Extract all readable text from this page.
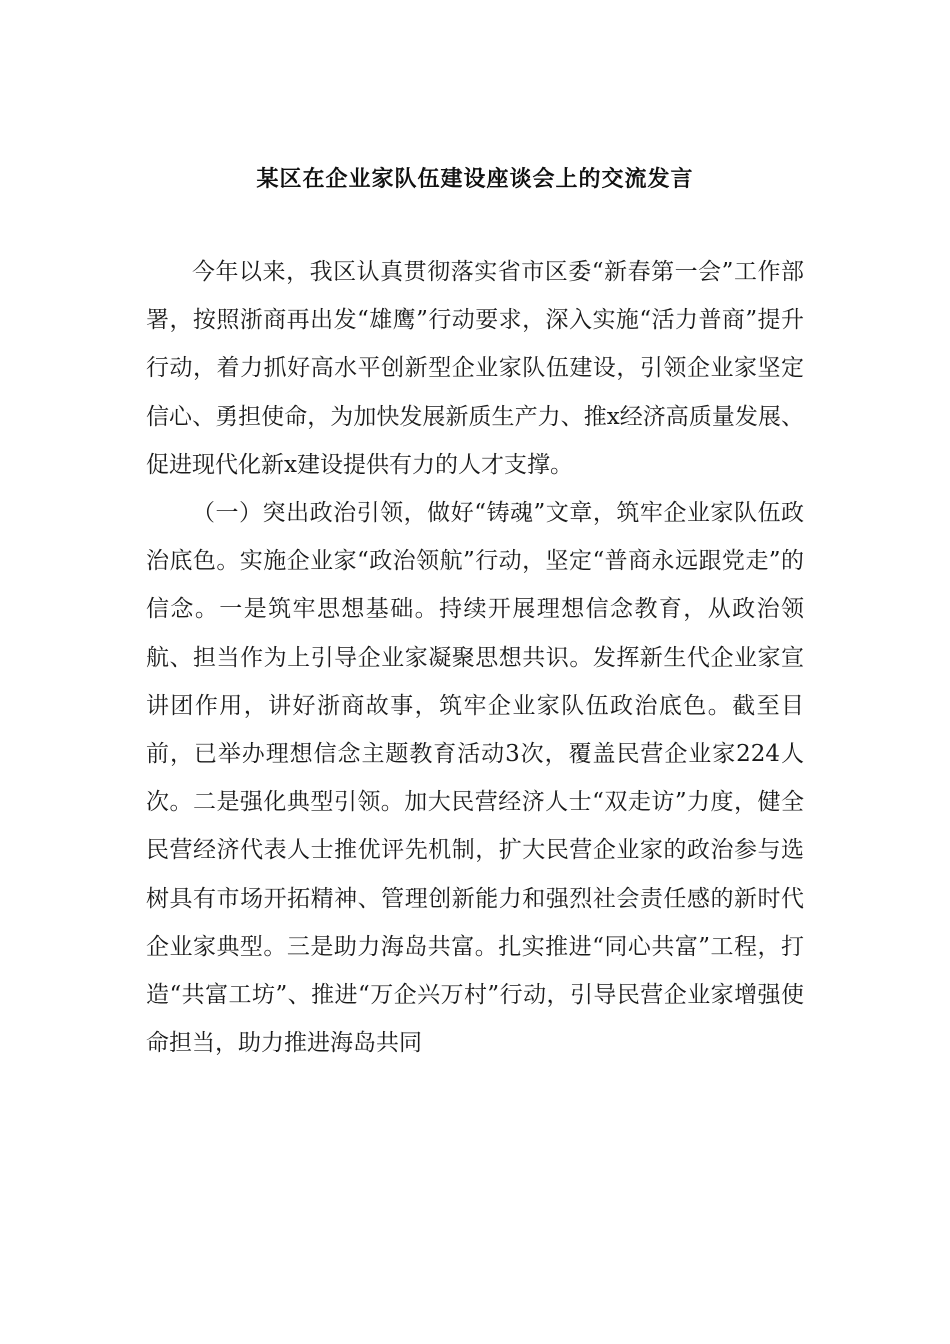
某区在企业家队伍建设座谈会上的交流发言

今年以来，我区认真贯彻落实省市区委“新春第一会”工作部署，按照浙商再出发“雄鹰”行动要求，深入实施“活力普商”提升行动，着力抓好高水平创新型企业家队伍建设，引领企业家坚定信心、勇担使命，为加快发展新质生产力、推x经济高质量发展、促进现代化新x建设提供有力的人才支撑。

（一）突出政治引领，做好“铸魂”文章，筑牢企业家队伍政治底色。实施企业家“政治领航”行动，坚定“普商永远跟党走”的信念。一是筑牢思想基础。持续开展理想信念教育，从政治领航、担当作为上引导企业家凝聚思想共识。发挥新生代企业家宣讲团作用，讲好浙商故事，筑牢企业家队伍政治底色。截至目前，已举办理想信念主题教育活动3次，覆盖民营企业家224人次。二是强化典型引领。加大民营经济人士“双走访”力度，健全民营经济代表人士推优评先机制，扩大民营企业家的政治参与选树具有市场开拓精神、管理创新能力和强烈社会责任感的新时代企业家典型。三是助力海岛共富。扎实推进“同心共富”工程，打造“共富工坊”、推进“万企兴万村”行动，引导民营企业家增强使命担当，助力推进海岛共同
